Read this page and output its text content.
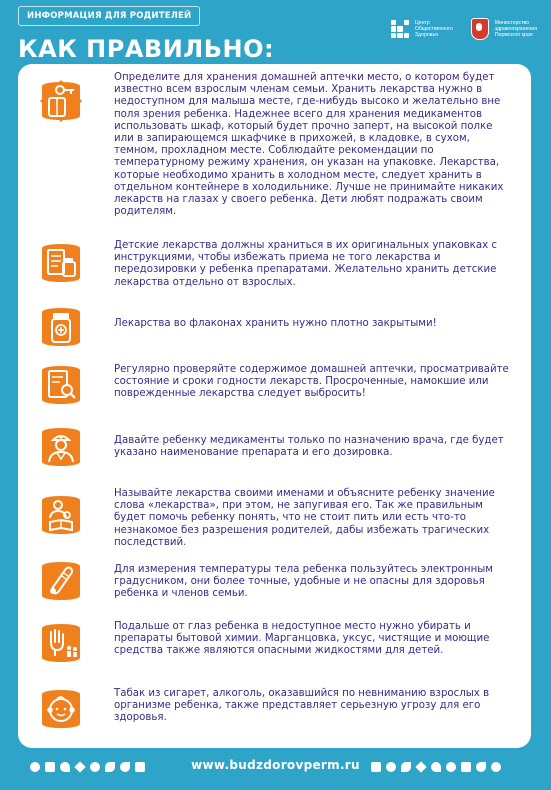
ИНФОРМАЦИЯ ДЛЯ РОДИТЕЛЕЙ
Центр
Общественного
Здоровья
Министерство
здравоохранения
Пермского края
КАК ПРАВИЛЬНО:
Определите для хранения домашней аптечки место, о котором будет известно всем взрослым членам семьи. Хранить лекарства нужно в недоступном для малыша месте, где-нибудь высоко и желательно вне поля зрения ребенка. Надежнее всего для хранения медикаментов использовать шкаф, который будет прочно заперт, на высокой полке или в запирающемся шкафчике в прихожей, в кладовке, в сухом, темном, прохладном месте. Соблюдайте рекомендации по температурному режиму хранения, он указан на упаковке. Лекарства, которые необходимо хранить в холодном месте, следует хранить в отдельном контейнере в холодильнике. Лучше не принимайте никаких лекарств на глазах у своего ребенка. Дети любят подражать своим родителям.
Детские лекарства должны храниться в их оригинальных упаковках с инструкциями, чтобы избежать приема не того лекарства и передозировки у ребенка препаратами. Желательно хранить детские лекарства отдельно от взрослых.
Лекарства во флаконах хранить нужно плотно закрытыми!
Регулярно проверяйте содержимое домашней аптечки, просматривайте состояние и сроки годности лекарств. Просроченные, намокшие или поврежденные лекарства следует выбросить!
Давайте ребенку медикаменты только по назначению врача, где будет указано наименование препарата и его дозировка.
Называйте лекарства своими именами и объясните ребенку значение слова «лекарства», при этом, не запугивая его. Так же правильным будет помочь ребенку понять, что не стоит пить или есть что-то незнакомое без разрешения родителей, дабы избежать трагических последствий.
Для измерения температуры тела ребенка пользуйтесь электронным градусником, они более точные, удобные и не опасны для здоровья ребенка и членов семьи.
Подальше от глаз ребенка в недоступное место нужно убирать и препараты бытовой химии. Марганцовка, уксус, чистящие и моющие средства также являются опасными жидкостями для детей.
Табак из сигарет, алкоголь, оказавшийся по невниманию взрослых в организме ребенка, также представляет серьезную угрозу для его здоровья.
www.budzdorovperm.ru
